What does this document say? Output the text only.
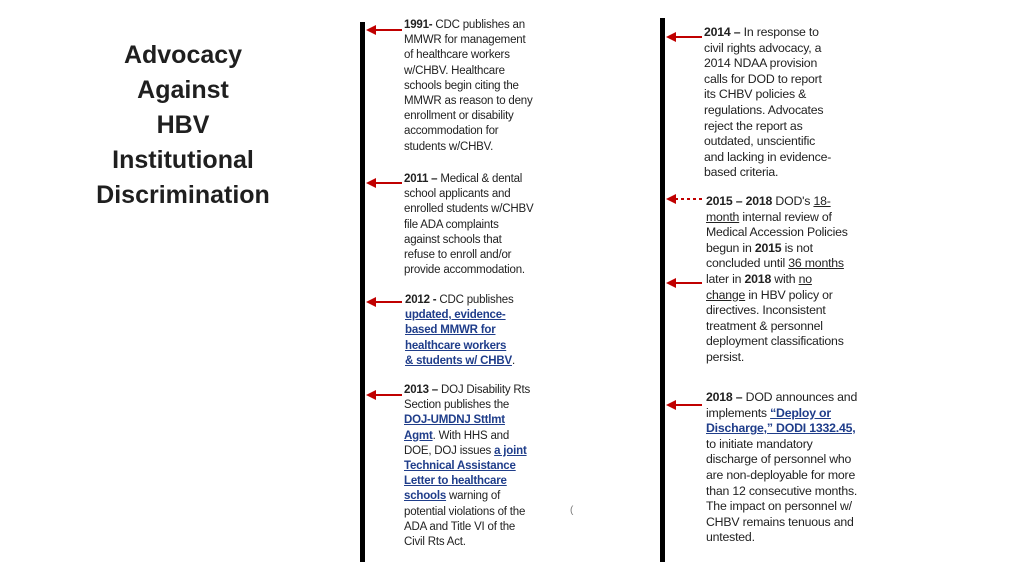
Advocacy
Against
HBV
Institutional
Discrimination
1991- CDC publishes an
MMWR for management
of healthcare workers
w/CHBV. Healthcare
schools begin citing the
MMWR as reason to deny
enrollment or disability
accommodation for
students w/CHBV.
2011 – Medical & dental
school applicants and
enrolled students w/CHBV
file ADA complaints
against schools that
refuse to enroll and/or
provide accommodation.
2012 - CDC publishes
updated, evidence-
based MMWR for
healthcare workers
& students w/ CHBV.
2013 – DOJ Disability Rts
Section publishes the
DOJ-UMDNJ Sttlmt
Agmt. With HHS and
DOE, DOJ issues a joint
Technical Assistance
Letter to healthcare
schools warning of
potential violations of the
ADA and Title VI of the
Civil Rts Act.
(
2014 – In response to
civil rights advocacy, a
2014 NDAA provision
calls for DOD to report
its CHBV policies &
regulations. Advocates
reject the report as
outdated, unscientific
and lacking in evidence-
based criteria.
2015 – 2018 DOD's 18-
month internal review of
Medical Accession Policies
begun in 2015 is not
concluded until 36 months
later in 2018 with no
change in HBV policy or
directives. Inconsistent
treatment & personnel
deployment classifications
persist.
2018 – DOD announces and
implements “Deploy or
Discharge,” DODI 1332.45,
to initiate mandatory
discharge of personnel who
are non-deployable for more
than 12 consecutive months.
The impact on personnel w/
CHBV remains tenuous and
untested.
